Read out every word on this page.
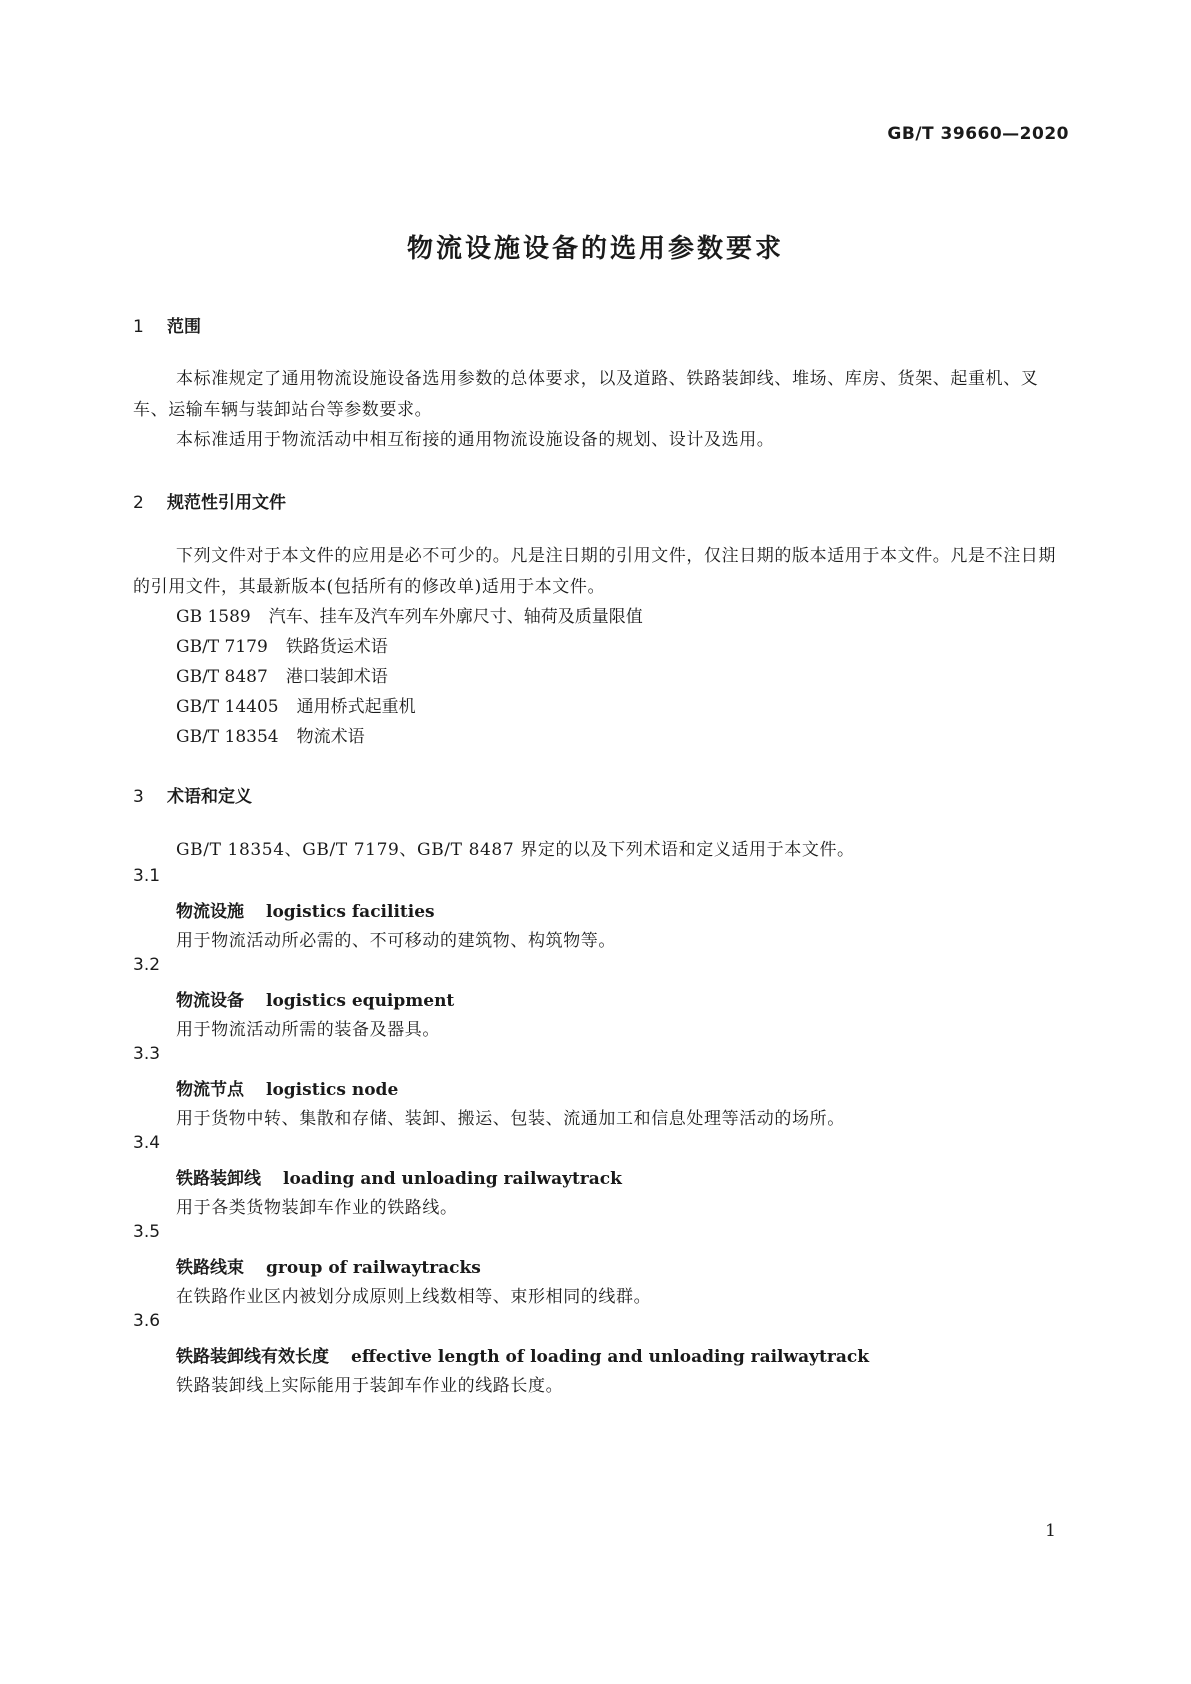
GB/T 39660—2020
物流设施设备的选用参数要求
1 范围
本标准规定了通用物流设施设备选用参数的总体要求，以及道路、铁路装卸线、堆场、库房、货架、起重机、叉车、运输车辆与装卸站台等参数要求。
本标准适用于物流活动中相互衔接的通用物流设施设备的规划、设计及选用。
2 规范性引用文件
下列文件对于本文件的应用是必不可少的。凡是注日期的引用文件，仅注日期的版本适用于本文件。凡是不注日期的引用文件，其最新版本(包括所有的修改单)适用于本文件。
GB 1589 汽车、挂车及汽车列车外廓尺寸、轴荷及质量限值
GB/T 7179 铁路货运术语
GB/T 8487 港口装卸术语
GB/T 14405 通用桥式起重机
GB/T 18354 物流术语
3 术语和定义
GB/T 18354、GB/T 7179、GB/T 8487 界定的以及下列术语和定义适用于本文件。
3.1
物流设施 logistics facilities
用于物流活动所必需的、不可移动的建筑物、构筑物等。
3.2
物流设备 logistics equipment
用于物流活动所需的装备及器具。
3.3
物流节点 logistics node
用于货物中转、集散和存储、装卸、搬运、包装、流通加工和信息处理等活动的场所。
3.4
铁路装卸线 loading and unloading railwaytrack
用于各类货物装卸车作业的铁路线。
3.5
铁路线束 group of railwaytracks
在铁路作业区内被划分成原则上线数相等、束形相同的线群。
3.6
铁路装卸线有效长度 effective length of loading and unloading railwaytrack
铁路装卸线上实际能用于装卸车作业的线路长度。
1
